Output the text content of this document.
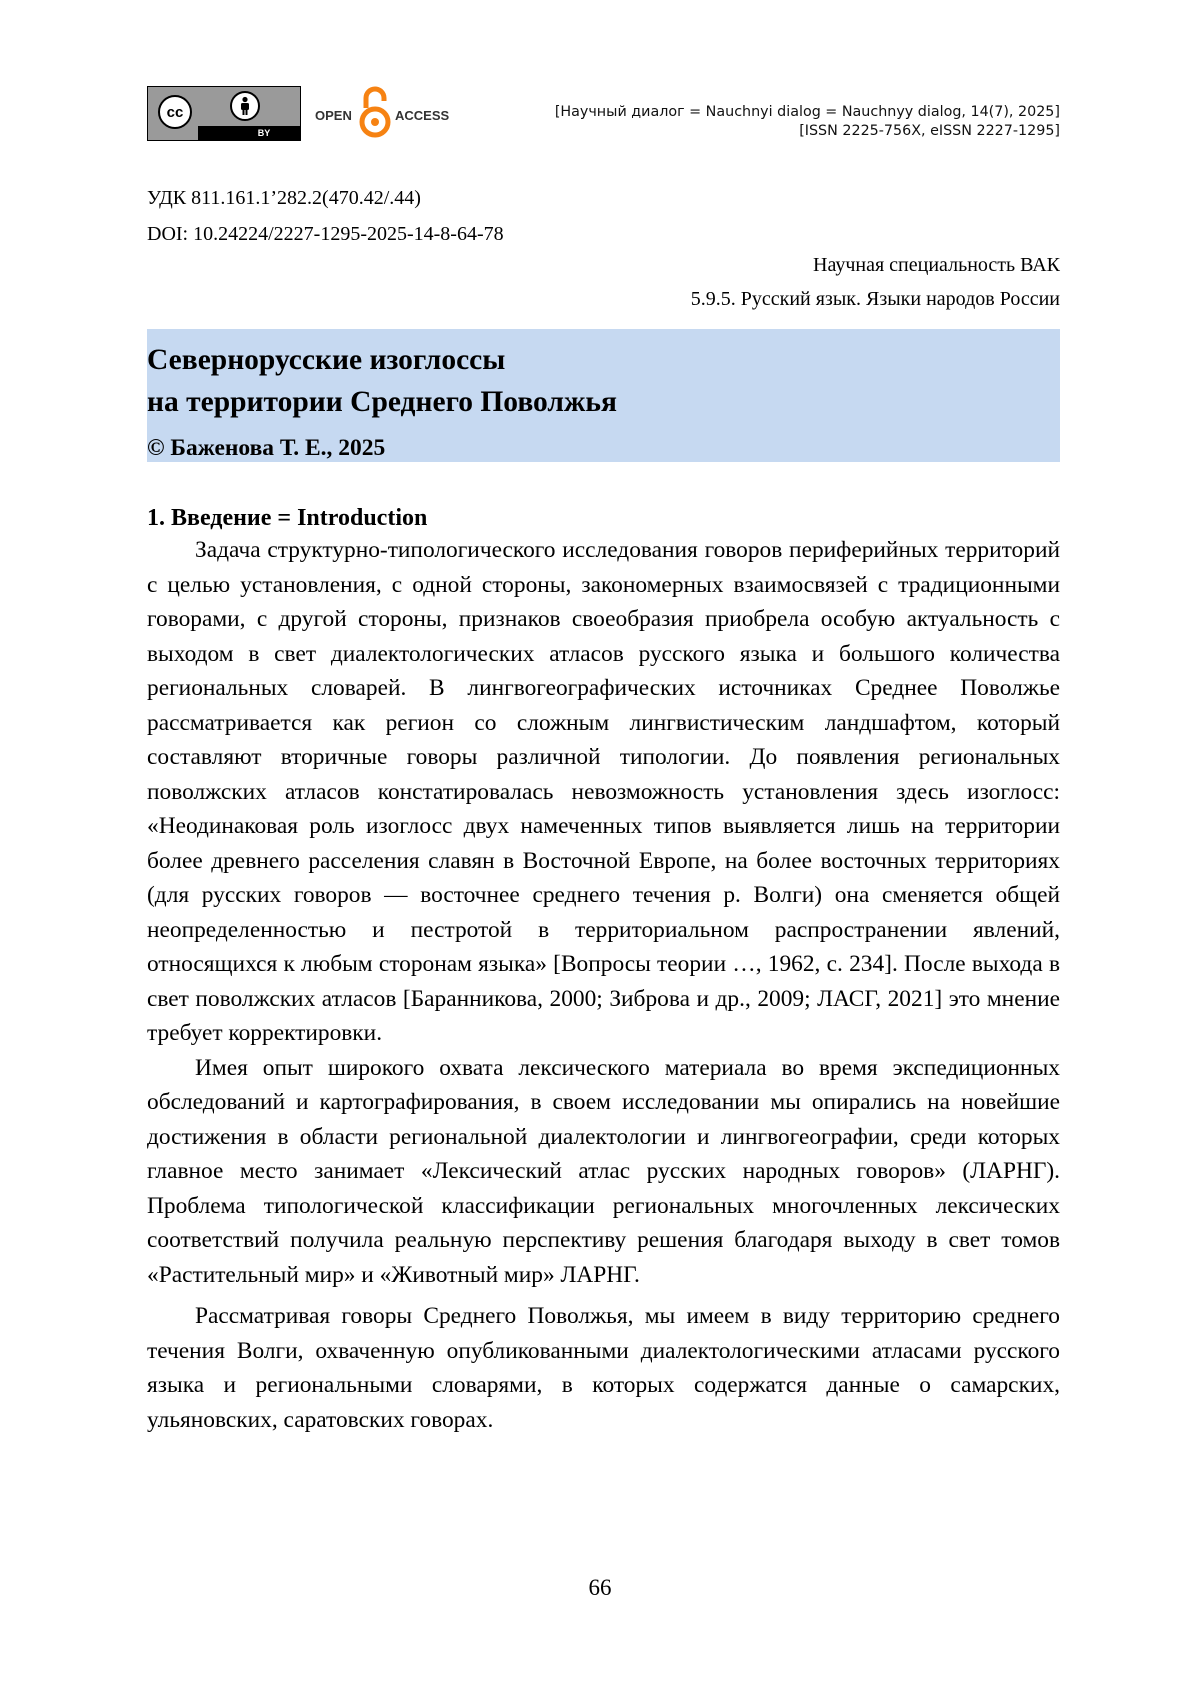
cc
BY
OPEN	ACCESS	[Научный диалог = Nauchnyi dialog = Nauchnyy dialog, 14(7), 2025]
[ISSN 2225-756X, eISSN 2227-1295]
УДК 811.161.1’282.2(470.42/.44)
DOI: 10.24224/2227-1295-2025-14-8-64-78
Научная специальность ВАК
5.9.5. Русский язык. Языки народов России
Севернорусские изоглоссы
на территории Среднего Поволжья
© Баженова Т. Е., 2025
1. Введение = Introduction

Задача структурно-типологического исследования говоров периферийных территорий с целью установления, с одной стороны, закономерных взаимосвязей с традиционными говорами, с другой стороны, признаков своеобразия приобрела особую актуальность с выходом в свет диалектологических атласов русского языка и большого количества региональных словарей. В лингвогеографических источниках Среднее Поволжье рассматривается как регион со сложным лингвистическим ландшафтом, который составляют вторичные говоры различной типологии. До появления региональных поволжских атласов констатировалась невозможность установления здесь изоглосс: «Неодинаковая роль изоглосс двух намеченных типов выявляется лишь на территории более древнего расселения славян в Восточной Европе, на более восточных территориях (для русских говоров — восточнее среднего течения р. Волги) она сменяется общей неопределенностью и пестротой в территориальном распространении явлений, относящихся к любым сторонам языка» [Вопросы теории …, 1962, с. 234]. После выхода в свет поволжских атласов [Баранникова, 2000; Зиброва и др., 2009; ЛАСГ, 2021] это мнение требует корректировки.

Имея опыт широкого охвата лексического материала во время экспедиционных обследований и картографирования, в своем исследовании мы опирались на новейшие достижения в области региональной диалектологии и лингвогеографии, среди которых главное место занимает «Лексический атлас русских народных говоров» (ЛАРНГ). Проблема типологической классификации региональных многочленных лексических соответствий получила реальную перспективу решения благодаря выходу в свет томов «Растительный мир» и «Животный мир» ЛАРНГ.

Рассматривая говоры Среднего Поволжья, мы имеем в виду территорию среднего течения Волги, охваченную опубликованными диалектологическими атласами русского языка и региональными словарями, в которых содержатся данные о самарских, ульяновских, саратовских говорах.

66
